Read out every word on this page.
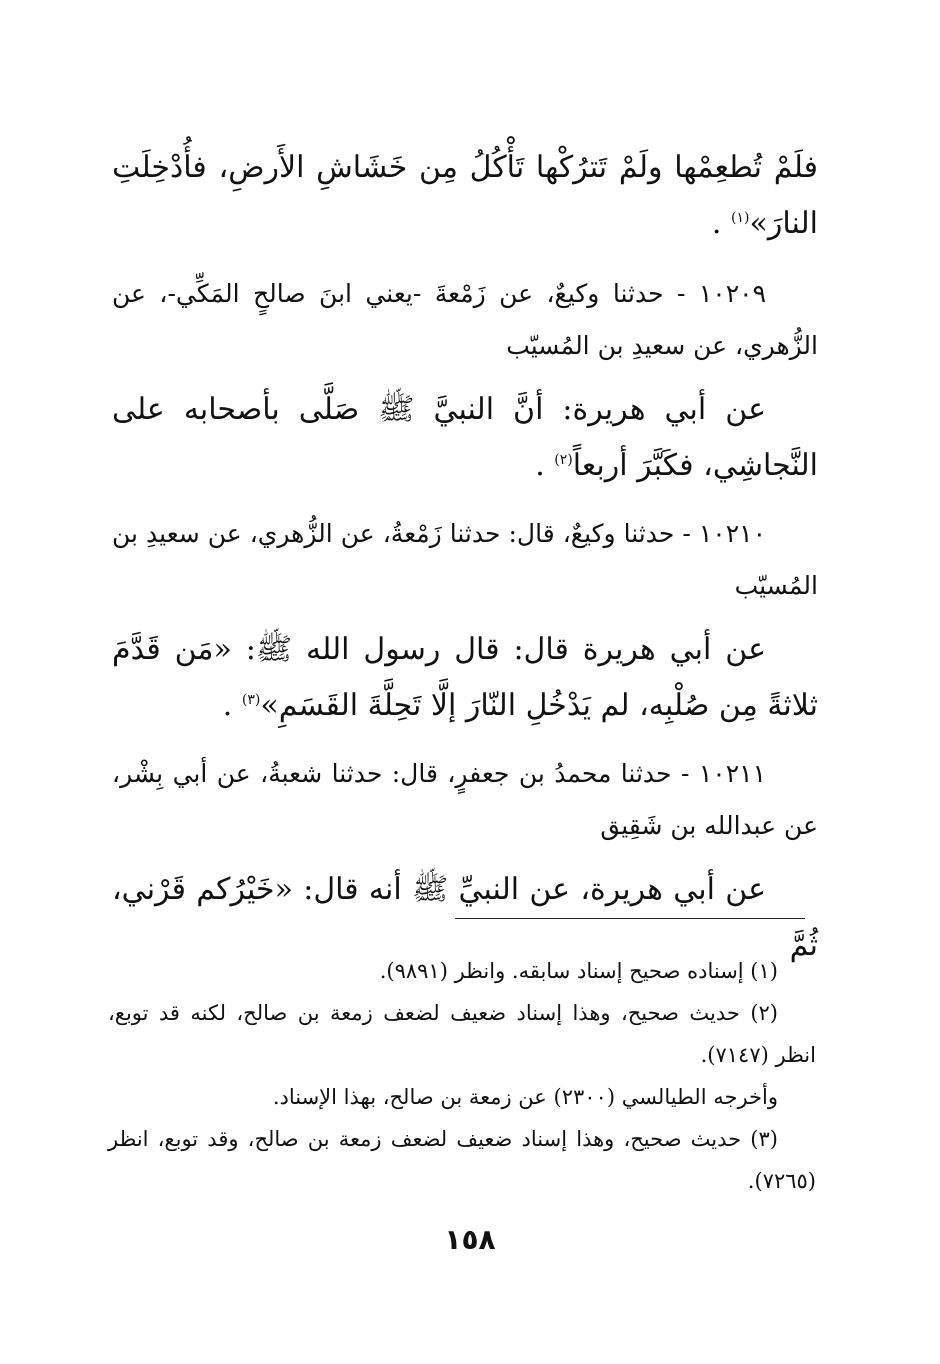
فلَمْ تُطعِمْها ولَمْ تَترُكْها تَأْكُلُ مِن خَشَاشِ الأَرضِ، فأُدْخِلَتِ النارَ»$^{(١)}$ .

١٠٢٠٩ - حدثنا وكيعٌ، عن زَمْعةَ -يعني ابنَ صالحٍ المَكِّي-، عن الزُّهري، عن سعيدِ بن المُسيّب

عن أبي هريرة: أنَّ النبيَّ ﷺ صَلَّى بأصحابه على النَّجاشِي، فكَبَّرَ أربعاً$^{(٢)}$ .

١٠٢١٠ - حدثنا وكيعٌ، قال: حدثنا زَمْعةُ، عن الزُّهري، عن سعيدِ بن المُسيّب

عن أبي هريرة قال: قال رسول الله ﷺ: «مَن قَدَّمَ ثلاثةً مِن صُلْبِه، لم يَدْخُلِ النّارَ إلَّا تَحِلَّةَ القَسَمِ»$^{(٣)}$ .

١٠٢١١ - حدثنا محمدُ بن جعفرٍ، قال: حدثنا شعبةُ، عن أبي بِشْر، عن عبدالله بن شَقِيق

عن أبي هريرة، عن النبيِّ ﷺ أنه قال: «خَيْرُكم قَرْني، ثُمَّ

(١) إسناده صحيح إسناد سابقه. وانظر (٩٨٩١).

(٢) حديث صحيح، وهذا إسناد ضعيف لضعف زمعة بن صالح، لكنه قد توبع، انظر (٧١٤٧).

وأخرجه الطيالسي (٢٣٠٠) عن زمعة بن صالح، بهذا الإسناد.

(٣) حديث صحيح، وهذا إسناد ضعيف لضعف زمعة بن صالح، وقد توبع، انظر (٧٢٦٥).

١٥٨
